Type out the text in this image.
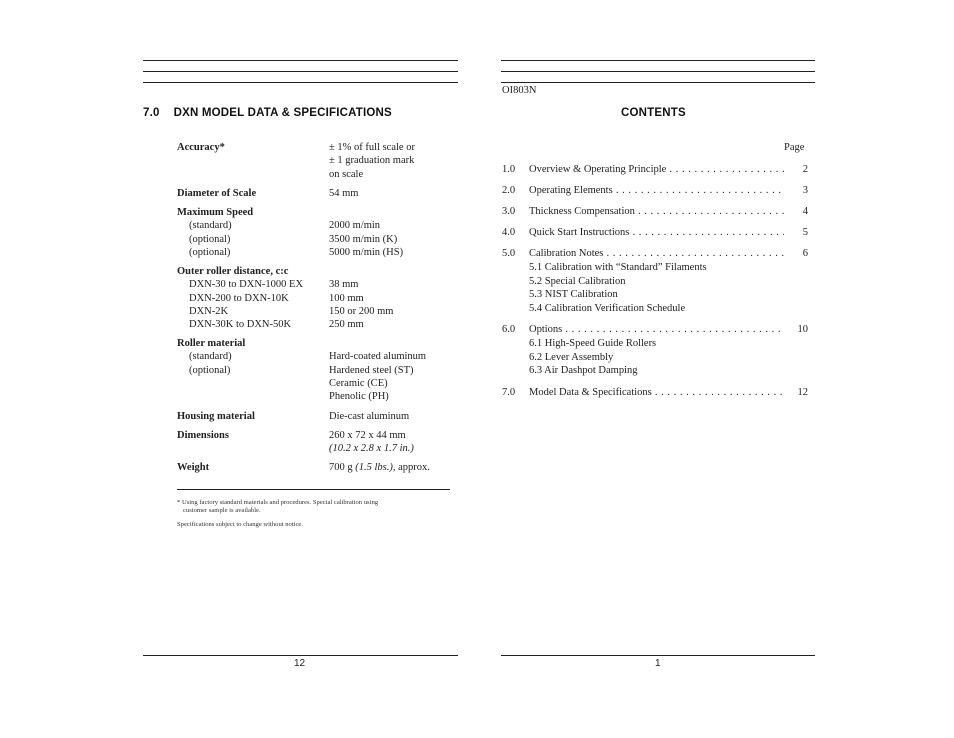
7.0 DXN MODEL DATA & SPECIFICATIONS
Accuracy*	± 1% of full scale or
± 1 graduation mark
on scale
Diameter of Scale	54 mm
Maximum Speed
(standard)	2000 m/min
(optional)	3500 m/min (K)
(optional)	5000 m/min (HS)
Outer roller distance, c:c
DXN-30 to DXN-1000 EX 38 mm
DXN-200 to DXN-10K	100 mm
DXN-2K	150 or 200 mm
DXN-30K to DXN-50K	250 mm
Roller material
(standard)	Hard-coated aluminum
(optional)	Hardened steel (ST)
Ceramic (CE)
Phenolic (PH)
Housing material	Die-cast aluminum
Dimensions	260 x 72 x 44 mm
(10.2 x 2.8 x 1.7 in.)
Weight	700 g (1.5 lbs.), approx.
* Using factory standard materials and procedures. Special calibration using
customer sample is available.
Specifications subject to change without notice.
12
OI803N
CONTENTS
Page
1.0 Overview & Operating Principle . . .	2
2.0 Operating Elements . . .	3
3.0 Thickness Compensation . . .	4
4.0 Quick Start Instructions . . .	5
5.0 Calibration Notes . . .	6
5.1 Calibration with “Standard” Filaments
5.2 Special Calibration
5.3 NIST Calibration
5.4 Calibration Verification Schedule
6.0 Options . . .	10
6.1 High-Speed Guide Rollers
6.2 Lever Assembly
6.3 Air Dashpot Damping
7.0 Model Data & Specifications . . .	12
1
